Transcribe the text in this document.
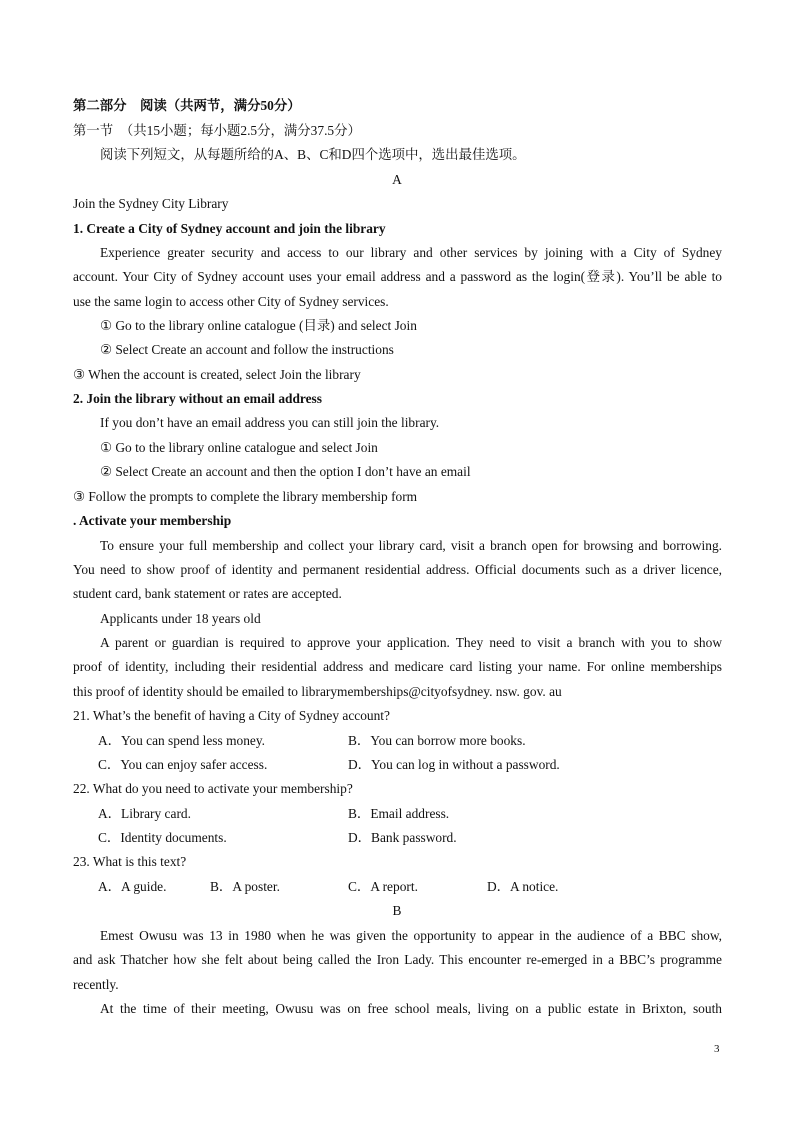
第二部分　阅读（共两节，满分50分）
第一节　（共15小题；每小题2.5分，满分37.5分）
阅读下列短文，从每题所给的A、B、C和D四个选项中，选出最佳选项。
A
Join the Sydney City Library
1. Create a City of Sydney account and join the library
Experience greater security and access to our library and other services by joining with a City of Sydney
account. Your City of Sydney account uses your email address and a password as the login(登录). You’ll be able to
use the same login to access other City of Sydney services.
① Go to the library online catalogue (目录) and select Join
② Select Create an account and follow the instructions
③ When the account is created, select Join the library
2. Join the library without an email address
If you don’t have an email address you can still join the library.
① Go to the library online catalogue and select Join
② Select Create an account and then the option I don’t have an email
③ Follow the prompts to complete the library membership form
. Activate your membership
To ensure your full membership and collect your library card, visit a branch open for browsing and borrowing.
You need to show proof of identity and permanent residential address. Official documents such as a driver licence,
student card, bank statement or rates are accepted.
Applicants under 18 years old
A parent or guardian is required to approve your application. They need to visit a branch with you to show
proof of identity, including their residential address and medicare card listing your name. For online memberships
this proof of identity should be emailed to librarymemberships@cityofsydney. nsw. gov. au
21. What’s the benefit of having a City of Sydney account?
A．You can spend less money.	B．You can borrow more books.
C．You can enjoy safer access.	D．You can log in without a password.
22. What do you need to activate your membership?
A．Library card.	B．Email address.
C．Identity documents.	D．Bank password.
23. What is this text?
A．A guide.	B．A poster.	C．A report.	D．A notice.
B
Emest Owusu was 13 in 1980 when he was given the opportunity to appear in the audience of a BBC show,
and ask Thatcher how she felt about being called the Iron Lady. This encounter re-emerged in a BBC’s programme
recently.
At the time of their meeting, Owusu was on free school meals, living on a public estate in Brixton, south
3
